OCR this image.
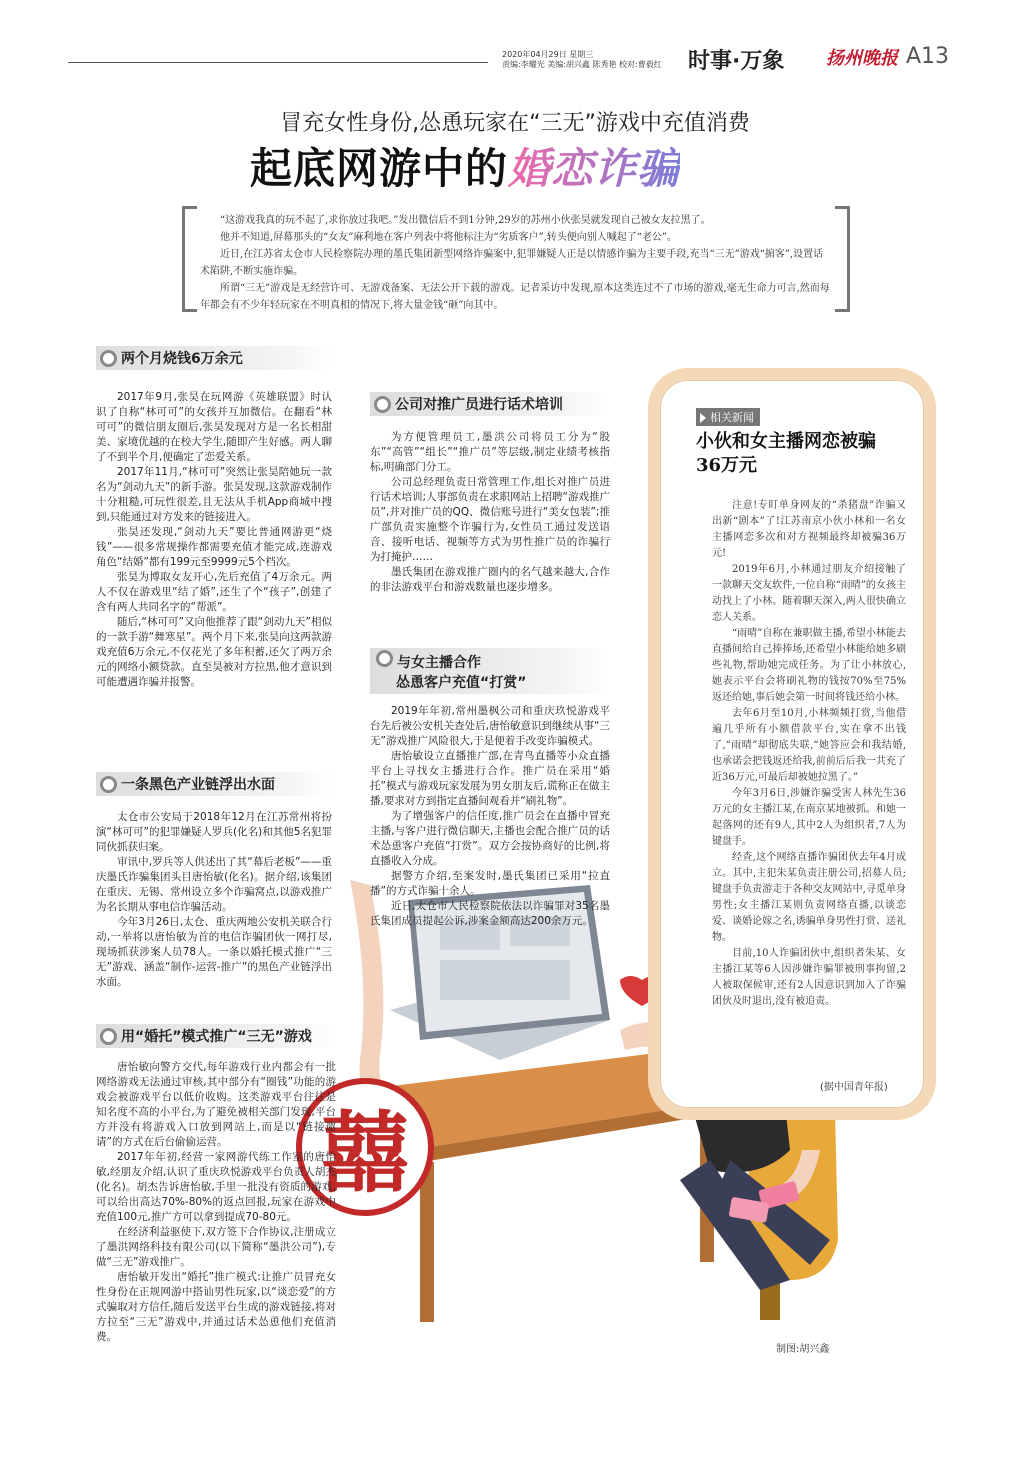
2020年04月29日 星期三
责编:李耀光 美编:胡兴鑫 陈秀艳 校对:曹毅红	时事·万象 扬州晚报 A13
冒充女性身份,怂恿玩家在“三无”游戏中充值消费
起底网游中的婚恋诈骗

“这游戏我真的玩不起了,求你放过我吧。”发出微信后不到1分钟,29岁的苏州小伙张昊就发现自己被女友拉黑了。

他并不知道,屏幕那头的“女友”麻利地在客户列表中将他标注为“劣质客户”,转头便向别人喊起了“老公”。

近日,在江苏省太仓市人民检察院办理的墨氏集团新型网络诈骗案中,犯罪嫌疑人正是以情感诈骗为主要手段,充当“三无”游戏“掮客”,设置话术陷阱,不断实施诈骗。

所谓“三无”游戏是无经营许可、无游戏备案、无法公开下载的游戏。记者采访中发现,原本这类连过不了市场的游戏,毫无生命力可言,然而每年都会有不少年轻玩家在不明真相的情况下,将大量金钱“砸”向其中。

两个月烧钱6万余元

2017年9月,张昊在玩网游《英雄联盟》时认识了自称“林可可”的女孩并互加微信。在翻看“林可可”的微信朋友圈后,张昊发现对方是一名长相甜美、家境优越的在校大学生,随即产生好感。两人聊了不到半个月,便确定了恋爱关系。

2017年11月,“林可可”突然让张昊陪她玩一款名为“剑动九天”的新手游。张昊发现,这款游戏制作十分粗糙,可玩性很差,且无法从手机App商城中搜到,只能通过对方发来的链接进入。

张昊还发现,“剑动九天”要比普通网游更“烧钱”——很多常规操作都需要充值才能完成,连游戏角色“结婚”都有199元至9999元5个档次。

张昊为博取女友开心,先后充值了4万余元。两人不仅在游戏里“结了婚”,还生了个“孩子”,创建了含有两人共同名字的“帮派”。

随后,“林可可”又向他推荐了跟“剑动九天”相似的一款手游“舞寒星”。两个月下来,张昊向这两款游戏充值6万余元,不仅花光了多年积蓄,还欠了两万余元的网络小额贷款。直至昊被对方拉黑,他才意识到可能遭遇诈骗并报警。

一条黑色产业链浮出水面

太仓市公安局于2018年12月在江苏常州将扮演“林可可”的犯罪嫌疑人罗兵(化名)和其他5名犯罪同伙抓获归案。

审讯中,罗兵等人供述出了其“幕后老板”——重庆墨氏诈骗集团头目唐怡敏(化名)。据介绍,该集团在重庆、无锡、常州设立多个诈骗窝点,以游戏推广为名长期从事电信诈骗活动。

今年3月26日,太仓、重庆两地公安机关联合行动,一举将以唐怡敏为首的电信诈骗团伙一网打尽,现场抓获涉案人员78人。一条以婚托模式推广“三无”游戏、涵盖“制作-运营-推广”的黑色产业链浮出水面。

囍
用“婚托”模式推广“三无”游戏

唐怡敏向警方交代,每年游戏行业内都会有一批网络游戏无法通过审核,其中部分有“圈钱”功能的游戏会被游戏平台以低价收购。这类游戏平台往往是知名度不高的小平台,为了避免被相关部门发现,平台方并没有将游戏入口放到网站上,而是以“链接邀请”的方式在后台偷偷运营。

2017年年初,经营一家网游代练工作室的唐怡敏,经朋友介绍,认识了重庆玖悦游戏平台负责人胡杰(化名)。胡杰告诉唐怡敏,手里一批没有资质的游戏,可以给出高达70%-80%的返点回报,玩家在游戏中充值100元,推广方可以拿到提成70-80元。

在经济利益驱使下,双方签下合作协议,注册成立了墨洪网络科技有限公司(以下简称“墨洪公司”),专做“三无”游戏推广。

唐怡敏开发出“婚托”推广模式:让推广员冒充女性身份在正规网游中搭讪男性玩家,以“谈恋爱”的方式骗取对方信任,随后发送平台生成的游戏链接,将对方拉至“三无”游戏中,并通过话术怂恿他们充值消费。

公司对推广员进行话术培训

为方便管理员工,墨洪公司将员工分为“股东”“高管”“组长”“推广员”等层级,制定业绩考核指标,明确部门分工。

公司总经理负责日常管理工作,组长对推广员进行话术培训;人事部负责在求职网站上招聘“游戏推广员”,并对推广员的QQ、微信账号进行“美女包装”;推广部负责实施整个诈骗行为,女性员工通过发送语音、接听电话、视频等方式为男性推广员的诈骗行为打掩护……

墨氏集团在游戏推广圈内的名气越来越大,合作的非法游戏平台和游戏数量也逐步增多。

与女主播合作
怂恿客户充值“打赏”

2019年年初,常州墨枫公司和重庆玖悦游戏平台先后被公安机关查处后,唐怡敏意识到继续从事“三无”游戏推广风险很大,于是便着手改变诈骗模式。

唐怡敏设立直播推广部,在青鸟直播等小众直播平台上寻找女主播进行合作。推广员在采用“婚托”模式与游戏玩家发展为男女朋友后,谎称正在做主播,要求对方到指定直播间观看并“刷礼物”。

为了增强客户的信任度,推广员会在直播中冒充主播,与客户进行微信聊天,主播也会配合推广员的话术怂恿客户充值“打赏”。双方会按协商好的比例,将直播收入分成。

据警方介绍,至案发时,墨氏集团已采用“拉直播”的方式诈骗十余人。

近日,太仓市人民检察院依法以诈骗罪对35名墨氏集团成员提起公诉,涉案金额高达200余万元。

相关新闻
小伙和女主播网恋被骗36万元

注意!专盯单身网友的“杀猪盘”诈骗又出新“剧本”了!江苏南京小伙小林和一名女主播网恋多次和对方视频最终却被骗36万元!

2019年6月,小林通过朋友介绍接触了一款聊天交友软件,一位自称“雨晴”的女孩主动找上了小林。随着聊天深入,两人很快确立恋人关系。

“雨晴”自称在兼职做主播,希望小林能去直播间给自己捧捧场,还希望小林能给她多刷些礼物,帮助她完成任务。为了让小林放心,她表示平台会将刷礼物的钱按70%至75%返还给她,事后她会第一时间将钱还给小林。

去年6月至10月,小林频频打赏,当他借遍几乎所有小额借款平台,实在拿不出钱了,“雨晴”却彻底失联,“她答应会和我结婚,也承诺会把钱返还给我,前前后后我一共充了近36万元,可最后却被她拉黑了。”

今年3月6日,涉嫌诈骗受害人林先生36万元的女主播江某,在南京某地被抓。和她一起落网的还有9人,其中2人为组织者,7人为键盘手。

经查,这个网络直播诈骗团伙去年4月成立。其中,主犯朱某负责注册公司,招募人员;键盘手负责游走于各种交友网站中,寻觅单身男性;女主播江某则负责网络直播,以谈恋爱、谈婚论嫁之名,诱骗单身男性打赏、送礼物。

目前,10人诈骗团伙中,组织者朱某、女主播江某等6人因涉嫌诈骗罪被刑事拘留,2人被取保候审,还有2人因意识到加入了诈骗团伙及时退出,没有被追责。

(据中国青年报)
制图:胡兴鑫
